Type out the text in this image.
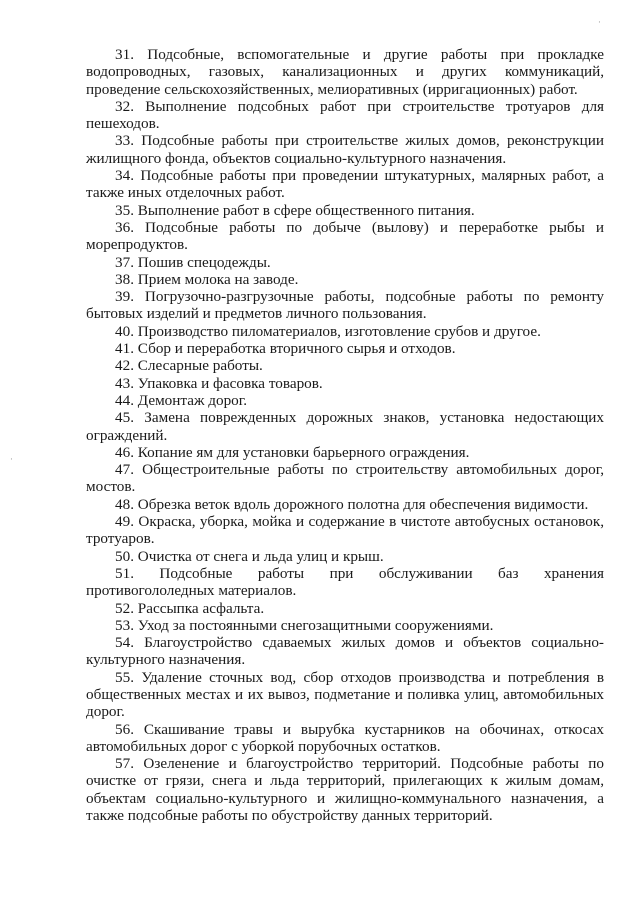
·
·

31. Подсобные, вспомогательные и другие работы при прокладке водопроводных, газовых, канализационных и других коммуникаций, проведение сельскохозяйственных, мелиоративных (ирригационных) работ.

32. Выполнение подсобных работ при строительстве тротуаров для пешеходов.

33. Подсобные работы при строительстве жилых домов, реконструкции жилищного фонда, объектов социально-культурного назначения.

34. Подсобные работы при проведении штукатурных, малярных работ, а также иных отделочных работ.

35. Выполнение работ в сфере общественного питания.

36. Подсобные работы по добыче (вылову) и переработке рыбы и морепродуктов.

37. Пошив спецодежды.

38. Прием молока на заводе.

39. Погрузочно-разгрузочные работы, подсобные работы по ремонту бытовых изделий и предметов личного пользования.

40. Производство пиломатериалов, изготовление срубов и другое.

41. Сбор и переработка вторичного сырья и отходов.

42. Слесарные работы.

43. Упаковка и фасовка товаров.

44. Демонтаж дорог.

45. Замена поврежденных дорожных знаков, установка недостающих ограждений.

46. Копание ям для установки барьерного ограждения.

47. Общестроительные работы по строительству автомобильных дорог, мостов.

48. Обрезка веток вдоль дорожного полотна для обеспечения видимости.

49. Окраска, уборка, мойка и содержание в чистоте автобусных остановок, тротуаров.

50. Очистка от снега и льда улиц и крыш.

51. Подсобные работы при обслуживании баз хранения противогололедных материалов.

52. Рассыпка асфальта.

53. Уход за постоянными снегозащитными сооружениями.

54. Благоустройство сдаваемых жилых домов и объектов социально-культурного назначения.

55. Удаление сточных вод, сбор отходов производства и потребления в общественных местах и их вывоз, подметание и поливка улиц, автомобильных дорог.

56. Скашивание травы и вырубка кустарников на обочинах, откосах автомобильных дорог с уборкой порубочных остатков.

57. Озеленение и благоустройство территорий. Подсобные работы по очистке от грязи, снега и льда территорий, прилегающих к жилым домам, объектам социально-культурного и жилищно-коммунального назначения, а также подсобные работы по обустройству данных территорий.
